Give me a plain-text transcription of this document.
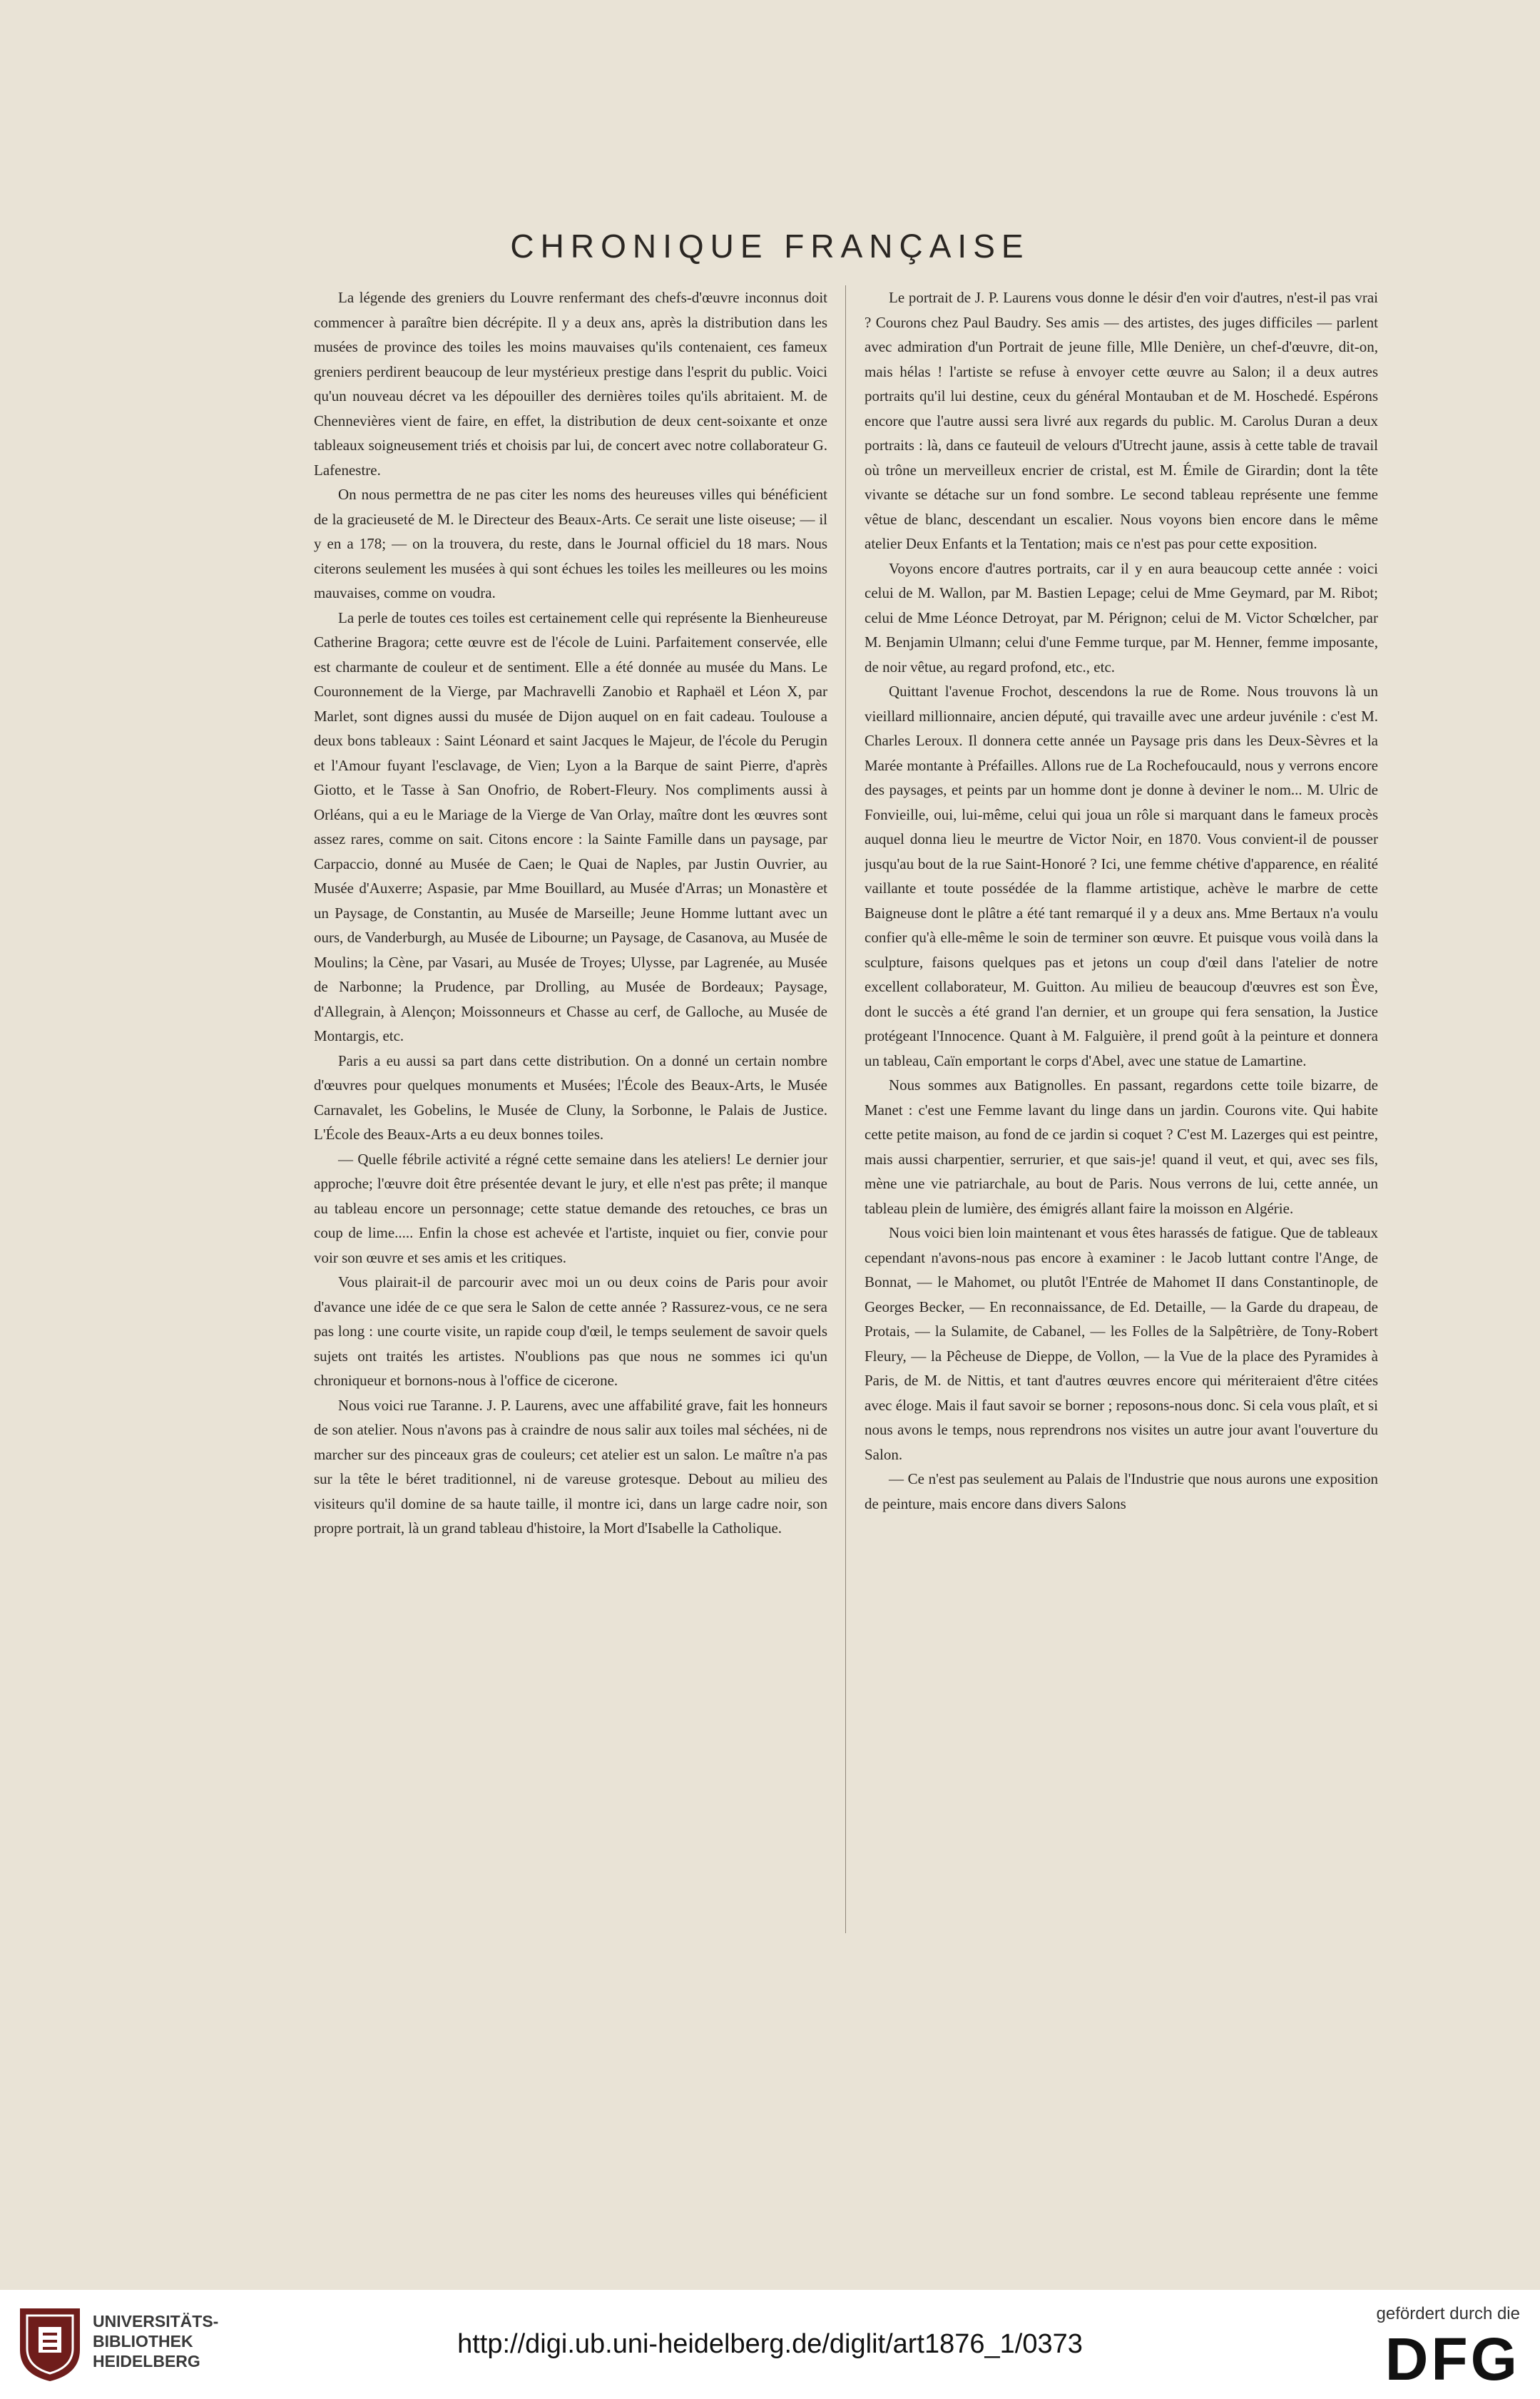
CHRONIQUE FRANÇAISE

La légende des greniers du Louvre renfermant des chefs-d'œuvre inconnus doit commencer à paraître bien décrépite. Il y a deux ans, après la distribution dans les musées de province des toiles les moins mauvaises qu'ils contenaient, ces fameux greniers perdirent beaucoup de leur mystérieux prestige dans l'esprit du public. Voici qu'un nouveau décret va les dépouiller des dernières toiles qu'ils abritaient. M. de Chennevières vient de faire, en effet, la distribution de deux cent-soixante et onze tableaux soigneusement triés et choisis par lui, de concert avec notre collaborateur G. Lafenestre.

On nous permettra de ne pas citer les noms des heureuses villes qui bénéficient de la gracieuseté de M. le Directeur des Beaux-Arts. Ce serait une liste oiseuse; — il y en a 178; — on la trouvera, du reste, dans le Journal officiel du 18 mars. Nous citerons seulement les musées à qui sont échues les toiles les meilleures ou les moins mauvaises, comme on voudra.

La perle de toutes ces toiles est certainement celle qui représente la Bienheureuse Catherine Bragora; cette œuvre est de l'école de Luini. Parfaitement conservée, elle est charmante de couleur et de sentiment. Elle a été donnée au musée du Mans. Le Couronnement de la Vierge, par Machravelli Zanobio et Raphaël et Léon X, par Marlet, sont dignes aussi du musée de Dijon auquel on en fait cadeau. Toulouse a deux bons tableaux : Saint Léonard et saint Jacques le Majeur, de l'école du Perugin et l'Amour fuyant l'esclavage, de Vien; Lyon a la Barque de saint Pierre, d'après Giotto, et le Tasse à San Onofrio, de Robert-Fleury. Nos compliments aussi à Orléans, qui a eu le Mariage de la Vierge de Van Orlay, maître dont les œuvres sont assez rares, comme on sait. Citons encore : la Sainte Famille dans un paysage, par Carpaccio, donné au Musée de Caen; le Quai de Naples, par Justin Ouvrier, au Musée d'Auxerre; Aspasie, par Mme Bouillard, au Musée d'Arras; un Monastère et un Paysage, de Constantin, au Musée de Marseille; Jeune Homme luttant avec un ours, de Vanderburgh, au Musée de Libourne; un Paysage, de Casanova, au Musée de Moulins; la Cène, par Vasari, au Musée de Troyes; Ulysse, par Lagrenée, au Musée de Narbonne; la Prudence, par Drolling, au Musée de Bordeaux; Paysage, d'Allegrain, à Alençon; Moissonneurs et Chasse au cerf, de Galloche, au Musée de Montargis, etc.

Paris a eu aussi sa part dans cette distribution. On a donné un certain nombre d'œuvres pour quelques monuments et Musées; l'École des Beaux-Arts, le Musée Carnavalet, les Gobelins, le Musée de Cluny, la Sorbonne, le Palais de Justice. L'École des Beaux-Arts a eu deux bonnes toiles.

— Quelle fébrile activité a régné cette semaine dans les ateliers! Le dernier jour approche; l'œuvre doit être présentée devant le jury, et elle n'est pas prête; il manque au tableau encore un personnage; cette statue demande des retouches, ce bras un coup de lime..... Enfin la chose est achevée et l'artiste, inquiet ou fier, convie pour voir son œuvre et ses amis et les critiques.

Vous plairait-il de parcourir avec moi un ou deux coins de Paris pour avoir d'avance une idée de ce que sera le Salon de cette année ? Rassurez-vous, ce ne sera pas long : une courte visite, un rapide coup d'œil, le temps seulement de savoir quels sujets ont traités les artistes. N'oublions pas que nous ne sommes ici qu'un chroniqueur et bornons-nous à l'office de cicerone.

Nous voici rue Taranne. J. P. Laurens, avec une affabilité grave, fait les honneurs de son atelier. Nous n'avons pas à craindre de nous salir aux toiles mal séchées, ni de marcher sur des pinceaux gras de couleurs; cet atelier est un salon. Le maître n'a pas sur la tête le béret traditionnel, ni de vareuse grotesque. Debout au milieu des visiteurs qu'il domine de sa haute taille, il montre ici, dans un large cadre noir, son propre portrait, là un grand tableau d'histoire, la Mort d'Isabelle la Catholique.

Le portrait de J. P. Laurens vous donne le désir d'en voir d'autres, n'est-il pas vrai ? Courons chez Paul Baudry. Ses amis — des artistes, des juges difficiles — parlent avec admiration d'un Portrait de jeune fille, Mlle Denière, un chef-d'œuvre, dit-on, mais hélas ! l'artiste se refuse à envoyer cette œuvre au Salon; il a deux autres portraits qu'il lui destine, ceux du général Montauban et de M. Hoschedé. Espérons encore que l'autre aussi sera livré aux regards du public. M. Carolus Duran a deux portraits : là, dans ce fauteuil de velours d'Utrecht jaune, assis à cette table de travail où trône un merveilleux encrier de cristal, est M. Émile de Girardin; dont la tête vivante se détache sur un fond sombre. Le second tableau représente une femme vêtue de blanc, descendant un escalier. Nous voyons bien encore dans le même atelier Deux Enfants et la Tentation; mais ce n'est pas pour cette exposition.

Voyons encore d'autres portraits, car il y en aura beaucoup cette année : voici celui de M. Wallon, par M. Bastien Lepage; celui de Mme Geymard, par M. Ribot; celui de Mme Léonce Detroyat, par M. Pérignon; celui de M. Victor Schœlcher, par M. Benjamin Ulmann; celui d'une Femme turque, par M. Henner, femme imposante, de noir vêtue, au regard profond, etc., etc.

Quittant l'avenue Frochot, descendons la rue de Rome. Nous trouvons là un vieillard millionnaire, ancien député, qui travaille avec une ardeur juvénile : c'est M. Charles Leroux. Il donnera cette année un Paysage pris dans les Deux-Sèvres et la Marée montante à Préfailles. Allons rue de La Rochefoucauld, nous y verrons encore des paysages, et peints par un homme dont je donne à deviner le nom... M. Ulric de Fonvieille, oui, lui-même, celui qui joua un rôle si marquant dans le fameux procès auquel donna lieu le meurtre de Victor Noir, en 1870. Vous convient-il de pousser jusqu'au bout de la rue Saint-Honoré ? Ici, une femme chétive d'apparence, en réalité vaillante et toute possédée de la flamme artistique, achève le marbre de cette Baigneuse dont le plâtre a été tant remarqué il y a deux ans. Mme Bertaux n'a voulu confier qu'à elle-même le soin de terminer son œuvre. Et puisque vous voilà dans la sculpture, faisons quelques pas et jetons un coup d'œil dans l'atelier de notre excellent collaborateur, M. Guitton. Au milieu de beaucoup d'œuvres est son Ève, dont le succès a été grand l'an dernier, et un groupe qui fera sensation, la Justice protégeant l'Innocence. Quant à M. Falguière, il prend goût à la peinture et donnera un tableau, Caïn emportant le corps d'Abel, avec une statue de Lamartine.

Nous sommes aux Batignolles. En passant, regardons cette toile bizarre, de Manet : c'est une Femme lavant du linge dans un jardin. Courons vite. Qui habite cette petite maison, au fond de ce jardin si coquet ? C'est M. Lazerges qui est peintre, mais aussi charpentier, serrurier, et que sais-je! quand il veut, et qui, avec ses fils, mène une vie patriarchale, au bout de Paris. Nous verrons de lui, cette année, un tableau plein de lumière, des émigrés allant faire la moisson en Algérie.

Nous voici bien loin maintenant et vous êtes harassés de fatigue. Que de tableaux cependant n'avons-nous pas encore à examiner : le Jacob luttant contre l'Ange, de Bonnat, — le Mahomet, ou plutôt l'Entrée de Mahomet II dans Constantinople, de Georges Becker, — En reconnaissance, de Ed. Detaille, — la Garde du drapeau, de Protais, — la Sulamite, de Cabanel, — les Folles de la Salpêtrière, de Tony-Robert Fleury, — la Pêcheuse de Dieppe, de Vollon, — la Vue de la place des Pyramides à Paris, de M. de Nittis, et tant d'autres œuvres encore qui mériteraient d'être citées avec éloge. Mais il faut savoir se borner ; reposons-nous donc. Si cela vous plaît, et si nous avons le temps, nous reprendrons nos visites un autre jour avant l'ouverture du Salon.

— Ce n'est pas seulement au Palais de l'Industrie que nous aurons une exposition de peinture, mais encore dans divers Salons

UNIVERSITÄTS-
BIBLIOTHEK
HEIDELBERG
http://digi.ub.uni-heidelberg.de/diglit/art1876_1/0373
gefördert durch die
DFG
